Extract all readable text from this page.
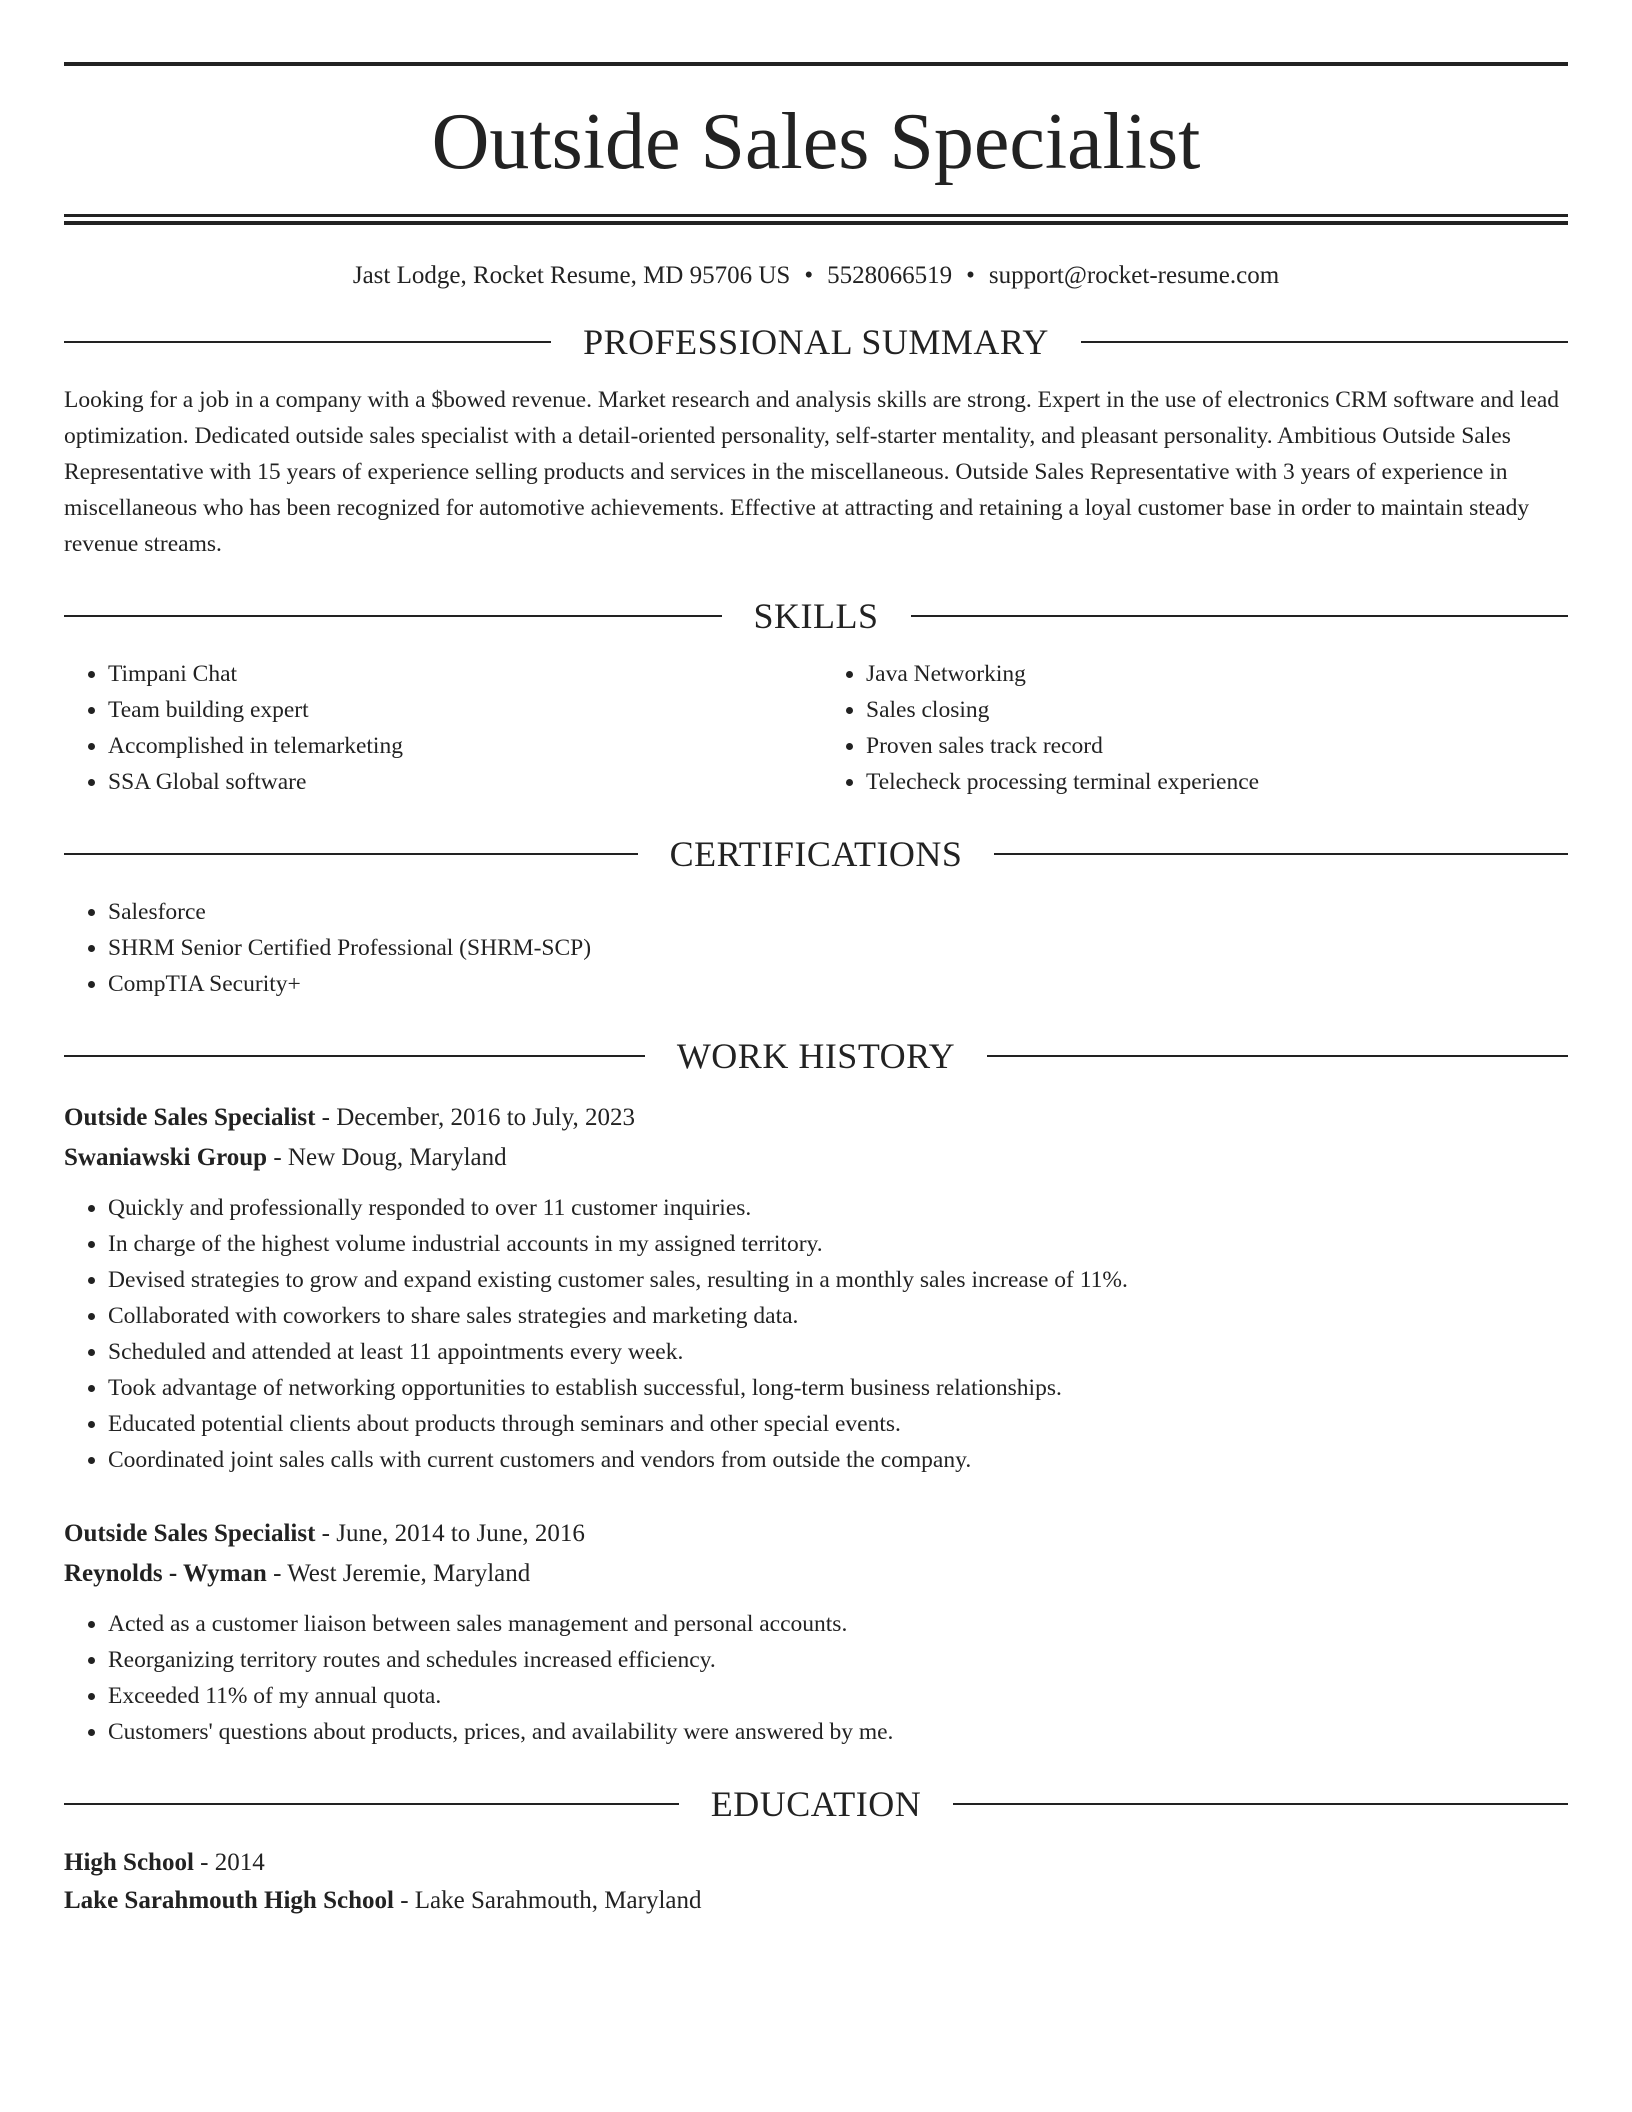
Outside Sales Specialist
Jast Lodge, Rocket Resume, MD 95706 US • 5528066519 • support@rocket-resume.com
PROFESSIONAL SUMMARY
Looking for a job in a company with a $bowed revenue. Market research and analysis skills are strong. Expert in the use of electronics CRM software and lead optimization. Dedicated outside sales specialist with a detail-oriented personality, self-starter mentality, and pleasant personality. Ambitious Outside Sales Representative with 15 years of experience selling products and services in the miscellaneous. Outside Sales Representative with 3 years of experience in miscellaneous who has been recognized for automotive achievements. Effective at attracting and retaining a loyal customer base in order to maintain steady revenue streams.
SKILLS
• Timpani Chat
• Team building expert
• Accomplished in telemarketing
• SSA Global software
• Java Networking
• Sales closing
• Proven sales track record
• Telecheck processing terminal experience
CERTIFICATIONS
• Salesforce
• SHRM Senior Certified Professional (SHRM-SCP)
• CompTIA Security+
WORK HISTORY
Outside Sales Specialist - December, 2016 to July, 2023
Swaniawski Group - New Doug, Maryland
• Quickly and professionally responded to over 11 customer inquiries.
• In charge of the highest volume industrial accounts in my assigned territory.
• Devised strategies to grow and expand existing customer sales, resulting in a monthly sales increase of 11%.
• Collaborated with coworkers to share sales strategies and marketing data.
• Scheduled and attended at least 11 appointments every week.
• Took advantage of networking opportunities to establish successful, long-term business relationships.
• Educated potential clients about products through seminars and other special events.
• Coordinated joint sales calls with current customers and vendors from outside the company.
Outside Sales Specialist - June, 2014 to June, 2016
Reynolds - Wyman - West Jeremie, Maryland
• Acted as a customer liaison between sales management and personal accounts.
• Reorganizing territory routes and schedules increased efficiency.
• Exceeded 11% of my annual quota.
• Customers' questions about products, prices, and availability were answered by me.
EDUCATION
High School - 2014
Lake Sarahmouth High School - Lake Sarahmouth, Maryland
